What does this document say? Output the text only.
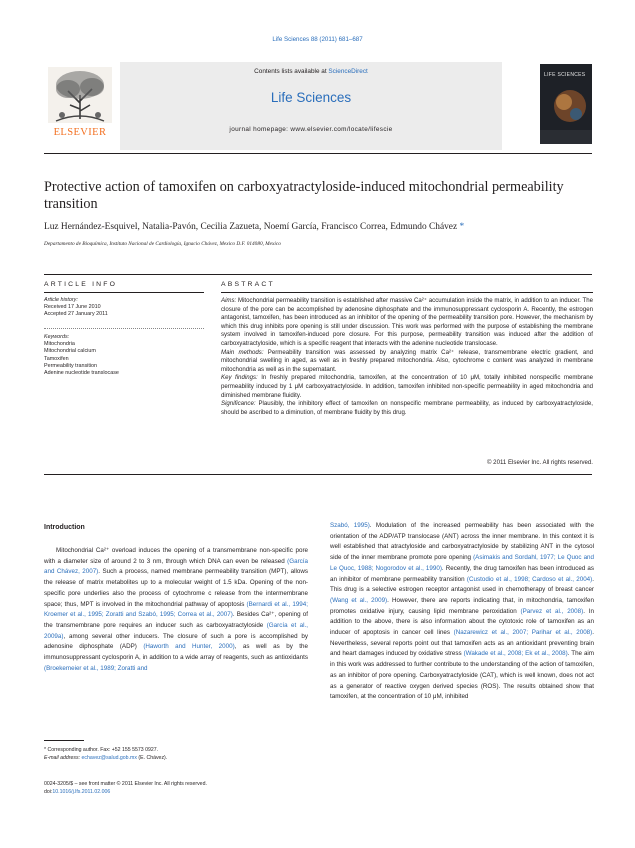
Life Sciences 88 (2011) 681–687
ELSEVIER
Contents lists available at ScienceDirect
Life Sciences
journal homepage: www.elsevier.com/locate/lifescie
LIFE SCIENCES
Protective action of tamoxifen on carboxyatractyloside-induced mitochondrial permeability transition
Luz Hernández-Esquivel, Natalia-Pavón, Cecilia Zazueta, Noemí García, Francisco Correa, Edmundo Chávez *
Departamento de Bioquímica, Instituto Nacional de Cardiología, Ignacio Chávez, Mexico D.F. 014080, Mexico
ARTICLE INFO	ABSTRACT
Article history:
Received 17 June 2010
Accepted 27 January 2011
Keywords:
Mitochondria
Mitochondrial calcium
Tamoxifen
Permeability transition
Adenine nucleotide translocase
Aims: Mitochondrial permeability transition is established after massive Ca²⁺ accumulation inside the matrix, in addition to an inducer. The closure of the pore can be accomplished by adenosine diphosphate and the immunosuppressant cyclosporin A. Recently, the estrogen antagonist, tamoxifen, has been introduced as an inhibitor of the opening of the permeability transition pore. However, the mechanism by which this drug inhibits pore opening is still under discussion. This work was performed with the purpose of establishing the membrane system involved in tamoxifen-induced pore closure. For this purpose, permeability transition was induced after the addition of carboxyatractyloside, which is a specific reagent that interacts with the adenine nucleotide translocase.
Main methods: Permeability transition was assessed by analyzing matrix Ca²⁺ release, transmembrane electric gradient, and mitochondrial swelling in aged, as well as in freshly prepared mitochondria. Also, cytochrome c content was analyzed in membrane mitochondria as well as in the supernatant.
Key findings: In freshly prepared mitochondria, tamoxifen, at the concentration of 10 μM, totally inhibited nonspecific membrane permeability induced by 1 μM carboxyatractyloside. In addition, tamoxifen inhibited non-specific permeability in aged mitochondria and diminished membrane fluidity.
Significance: Plausibly, the inhibitory effect of tamoxifen on nonspecific membrane permeability, as induced by carboxyatractyloside, should be ascribed to a diminution, of membrane fluidity by this drug.
© 2011 Elsevier Inc. All rights reserved.
Introduction
Mitochondrial Ca²⁺ overload induces the opening of a transmembrane non-specific pore with a diameter size of around 2 to 3 nm, through which DNA can even be released (García and Chávez, 2007). Such a process, named membrane permeability transition (MPT), allows the release of matrix metabolites up to a molecular weight of 1.5 kDa. Opening of the non-specific pore underlies also the process of cytochrome c release from the intermembrane space; thus, MPT is involved in the mitochondrial pathway of apoptosis (Bernardi et al., 1994; Kroemer et al., 1995; Zoratti and Szabó, 1995; Correa et al., 2007). Besides Ca²⁺, opening of the transmembrane pore requires an inducer such as carboxyatractyloside (García et al., 2009a), among several other inducers. The closure of such a pore is accomplished by adenosine diphosphate (ADP) (Haworth and Hunter, 2000), as well as by the immunosuppressant cyclosporin A, in addition to a wide array of reagents, such as antioxidants (Broekemeier et al., 1989; Zoratti and
Szabó, 1995). Modulation of the increased permeability has been associated with the orientation of the ADP/ATP translocase (ANT) across the inner membrane. In this context it is well established that atractyloside and carboxyatractyloside by stabilizing ANT in the cytosol side of the inner membrane promote pore opening (Asimakis and Sordahl, 1977; Le Quoc and Le Quoc, 1988; Nogorodov et al., 1990). Recently, the drug tamoxifen has been introduced as an inhibitor of membrane permeability transition (Custodio et al., 1998; Cardoso et al., 2004). This drug is a selective estrogen receptor antagonist used in chemotherapy of breast cancer (Wang et al., 2009). However, there are reports indicating that, in mitochondria, tamoxifen promotes oxidative injury, causing lipid membrane peroxidation (Parvez et al., 2008). In addition to the above, there is also information about the cytotoxic role of tamoxifen as an inducer of apoptosis in cancer cell lines (Nazarewicz et al., 2007; Parihar et al., 2008). Nevertheless, several reports point out that tamoxifen acts as an antioxidant preventing brain and heart damages induced by oxidative stress (Wakade et al., 2008; Ek et al., 2008). The aim in this work was addressed to further contribute to the understanding of the action of tamoxifen, as an inhibitor of pore opening. Carboxyatractyloside (CAT), which is well known, does not act as a generator of reactive oxygen derived species (ROS). The results obtained show that tamoxifen, at the concentration of 10 μM, inhibited
* Corresponding author. Fax: +52 155 5573 0927.
E-mail address: echavez@salud.gob.mx (E. Chávez).
0024-3205/$ – see front matter © 2011 Elsevier Inc. All rights reserved.
doi:10.1016/j.lfs.2011.02.006
